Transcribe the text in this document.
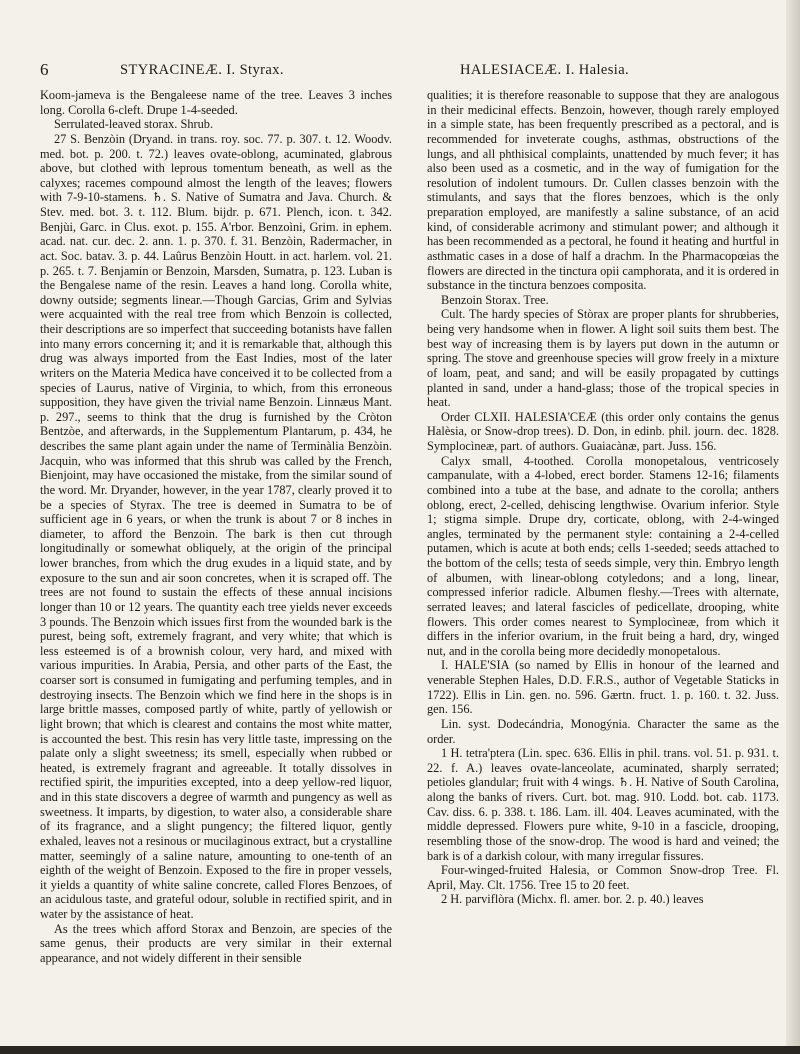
6	STYRACINEÆ. I. Styrax.	HALESIACEÆ. I. Halesia.

Koom-jameva is the Bengaleese name of the tree. Leaves 3 inches long. Corolla 6-cleft. Drupe 1-4-seeded.

Serrulated-leaved storax. Shrub.

27 S. Benzòin (Dryand. in trans. roy. soc. 77. p. 307. t. 12. Woodv. med. bot. p. 200. t. 72.) leaves ovate-oblong, acuminated, glabrous above, but clothed with leprous tomentum beneath, as well as the calyxes; racemes compound almost the length of the leaves; flowers with 7-9-10-stamens. ♄. S. Native of Sumatra and Java. Church. & Stev. med. bot. 3. t. 112. Blum. bijdr. p. 671. Plench, icon. t. 342. Benjùi, Garc. in Clus. exot. p. 155. A'rbor. Benzoìni, Grim. in ephem. acad. nat. cur. dec. 2. ann. 1. p. 370. f. 31. Benzòin, Radermacher, in act. Soc. batav. 3. p. 44. Laûrus Benzòin Houtt. in act. harlem. vol. 21. p. 265. t. 7. Benjamin or Benzoin, Marsden, Sumatra, p. 123. Luban is the Bengalese name of the resin. Leaves a hand long. Corolla white, downy outside; segments linear.—Though Garcias, Grim and Sylvias were acquainted with the real tree from which Benzoin is collected, their descriptions are so imperfect that succeeding botanists have fallen into many errors concerning it; and it is remarkable that, although this drug was always imported from the East Indies, most of the later writers on the Materia Medica have conceived it to be collected from a species of Laurus, native of Virginia, to which, from this erroneous supposition, they have given the trivial name Benzoin. Linnæus Mant. p. 297., seems to think that the drug is furnished by the Cròton Bentzòe, and afterwards, in the Supplementum Plantarum, p. 434, he describes the same plant again under the name of Terminàlia Benzòin. Jacquin, who was informed that this shrub was called by the French, Bienjoint, may have occasioned the mistake, from the similar sound of the word. Mr. Dryander, however, in the year 1787, clearly proved it to be a species of Styrax. The tree is deemed in Sumatra to be of sufficient age in 6 years, or when the trunk is about 7 or 8 inches in diameter, to afford the Benzoin. The bark is then cut through longitudinally or somewhat obliquely, at the origin of the principal lower branches, from which the drug exudes in a liquid state, and by exposure to the sun and air soon concretes, when it is scraped off. The trees are not found to sustain the effects of these annual incisions longer than 10 or 12 years. The quantity each tree yields never exceeds 3 pounds. The Benzoin which issues first from the wounded bark is the purest, being soft, extremely fragrant, and very white; that which is less esteemed is of a brownish colour, very hard, and mixed with various impurities. In Arabia, Persia, and other parts of the East, the coarser sort is consumed in fumigating and perfuming temples, and in destroying insects. The Benzoin which we find here in the shops is in large brittle masses, composed partly of white, partly of yellowish or light brown; that which is clearest and contains the most white matter, is accounted the best. This resin has very little taste, impressing on the palate only a slight sweetness; its smell, especially when rubbed or heated, is extremely fragrant and agreeable. It totally dissolves in rectified spirit, the impurities excepted, into a deep yellow-red liquor, and in this state discovers a degree of warmth and pungency as well as sweetness. It imparts, by digestion, to water also, a considerable share of its fragrance, and a slight pungency; the filtered liquor, gently exhaled, leaves not a resinous or mucilaginous extract, but a crystalline matter, seemingly of a saline nature, amounting to one-tenth of an eighth of the weight of Benzoin. Exposed to the fire in proper vessels, it yields a quantity of white saline concrete, called Flores Benzoes, of an acidulous taste, and grateful odour, soluble in rectified spirit, and in water by the assistance of heat.

As the trees which afford Storax and Benzoin, are species of the same genus, their products are very similar in their external appearance, and not widely different in their sensible

qualities; it is therefore reasonable to suppose that they are analogous in their medicinal effects. Benzoin, however, though rarely employed in a simple state, has been frequently prescribed as a pectoral, and is recommended for inveterate coughs, asthmas, obstructions of the lungs, and all phthisical complaints, unattended by much fever; it has also been used as a cosmetic, and in the way of fumigation for the resolution of indolent tumours. Dr. Cullen classes benzoin with the stimulants, and says that the flores benzoes, which is the only preparation employed, are manifestly a saline substance, of an acid kind, of considerable acrimony and stimulant power; and although it has been recommended as a pectoral, he found it heating and hurtful in asthmatic cases in a dose of half a drachm. In the Pharmacopœias the flowers are directed in the tinctura opii camphorata, and it is ordered in substance in the tinctura benzoes composita.

Benzoin Storax. Tree.

Cult. The hardy species of Stòrax are proper plants for shrubberies, being very handsome when in flower. A light soil suits them best. The best way of increasing them is by layers put down in the autumn or spring. The stove and greenhouse species will grow freely in a mixture of loam, peat, and sand; and will be easily propagated by cuttings planted in sand, under a hand-glass; those of the tropical species in heat.

Order CLXII. HALESIA'CEÆ (this order only contains the genus Halèsia, or Snow-drop trees). D. Don, in edinb. phil. journ. dec. 1828. Symplocìneæ, part. of authors. Guaiacànæ, part. Juss. 156.

Calyx small, 4-toothed. Corolla monopetalous, ventricosely campanulate, with a 4-lobed, erect border. Stamens 12-16; filaments combined into a tube at the base, and adnate to the corolla; anthers oblong, erect, 2-celled, dehiscing lengthwise. Ovarium inferior. Style 1; stigma simple. Drupe dry, corticate, oblong, with 2-4-winged angles, terminated by the permanent style: containing a 2-4-celled putamen, which is acute at both ends; cells 1-seeded; seeds attached to the bottom of the cells; testa of seeds simple, very thin. Embryo length of albumen, with linear-oblong cotyledons; and a long, linear, compressed inferior radicle. Albumen fleshy.—Trees with alternate, serrated leaves; and lateral fascicles of pedicellate, drooping, white flowers. This order comes nearest to Symplocìneæ, from which it differs in the inferior ovarium, in the fruit being a hard, dry, winged nut, and in the corolla being more decidedly monopetalous.

I. HALE'SIA (so named by Ellis in honour of the learned and venerable Stephen Hales, D.D. F.R.S., author of Vegetable Staticks in 1722). Ellis in Lin. gen. no. 596. Gærtn. fruct. 1. p. 160. t. 32. Juss. gen. 156.

Lin. syst. Dodecándria, Monogýnia. Character the same as the order.

1 H. tetra'ptera (Lin. spec. 636. Ellis in phil. trans. vol. 51. p. 931. t. 22. f. A.) leaves ovate-lanceolate, acuminated, sharply serrated; petioles glandular; fruit with 4 wings. ♄. H. Native of South Carolina, along the banks of rivers. Curt. bot. mag. 910. Lodd. bot. cab. 1173. Cav. diss. 6. p. 338. t. 186. Lam. ill. 404. Leaves acuminated, with the middle depressed. Flowers pure white, 9-10 in a fascicle, drooping, resembling those of the snow-drop. The wood is hard and veined; the bark is of a darkish colour, with many irregular fissures.

Four-winged-fruited Halesia, or Common Snow-drop Tree. Fl. April, May. Clt. 1756. Tree 15 to 20 feet.

2 H. parviflòra (Michx. fl. amer. bor. 2. p. 40.) leaves
